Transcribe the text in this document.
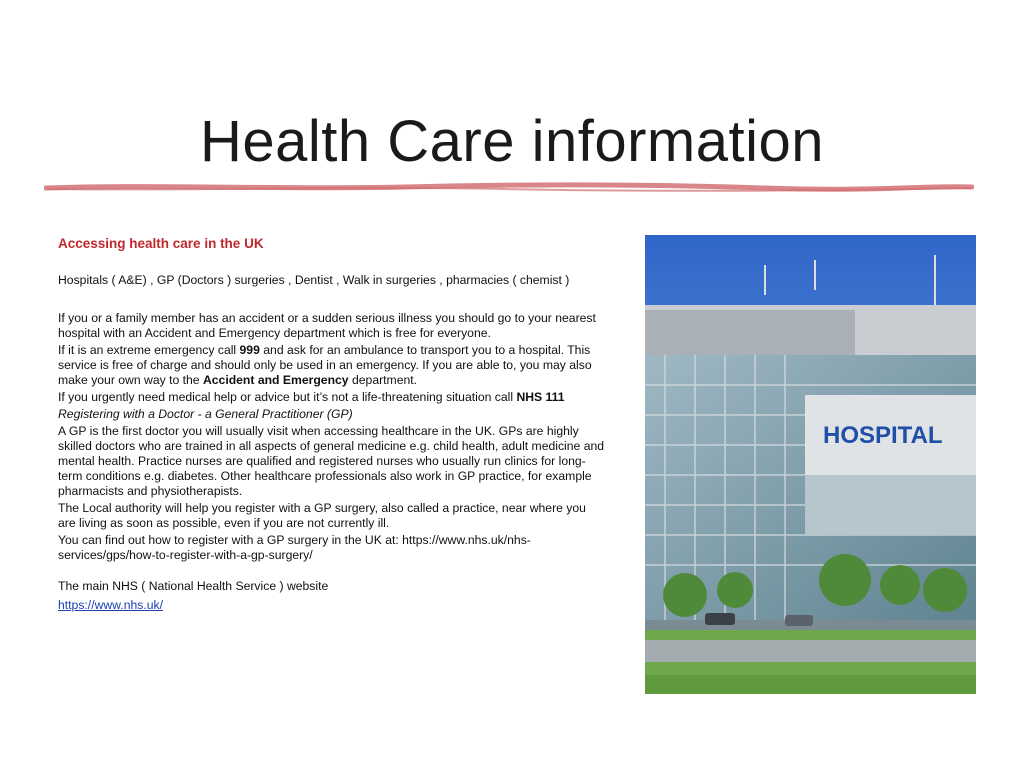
Health Care information

Accessing health care in the UK

Hospitals ( A&E) , GP (Doctors ) surgeries , Dentist , Walk in surgeries , pharmacies ( chemist )

If you or a family member has an accident or a sudden serious illness you should go to your nearest hospital with an Accident and Emergency department which is free for everyone.

If it is an extreme emergency call 999 and ask for an ambulance to transport you to a hospital. This service is free of charge and should only be used in an emergency. If you are able to, you may also make your own way to the Accident and Emergency department.

If you urgently need medical help or advice but it’s not a life-threatening situation call NHS 111

Registering with a Doctor - a General Practitioner (GP)

A GP is the first doctor you will usually visit when accessing healthcare in the UK. GPs are highly skilled doctors who are trained in all aspects of general medicine e.g. child health, adult medicine and mental health. Practice nurses are qualified and registered nurses who usually run clinics for long-term conditions e.g. diabetes. Other healthcare professionals also work in GP practice, for example pharmacists and physiotherapists.

The Local authority will help you register with a GP surgery, also called a practice, near where you are living as soon as possible, even if you are not currently ill.

You can find out how to register with a GP surgery in the UK at: https://www.nhs.uk/nhs-services/gps/how-to-register-with-a-gp-surgery/

The main NHS ( National Health Service ) website

https://www.nhs.uk/

HOSPITAL
